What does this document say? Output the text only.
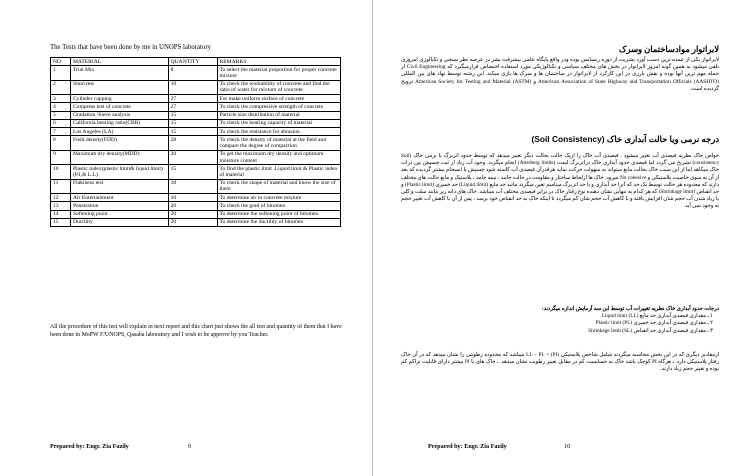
The Tests that have been done by me in UNOPS laboratory
NO	MATERIAL	QUANTITY	REMARKS
1	Trial Mix	8	To select the material proportion for proper concrete mixture
2	Slum test	10	To check the workability of concrete and find the ratio of water for mixture of concrete
3	Cylinder capping	27	For make uniform surface of concrete
4	Compress test of concrete	27	To check the compressive strength of concrete
5	Gradation /Sieve analysis	15	Particle size distribution of material
6	California bearing ratio(CBR)	15	To check the bearing capacity of material
7	Los Angeles (LA)	15	To check the resistance for abrasion
8	Field density(FDD)	28	To check the density of material at the field and compare the degree of compaction
9	Maximum dry density(MDD)	20	To get the maximum dry density and optimum moisture content
10	Plastic index(plastic limit& liquid limit)(P.I,& L.L)	15	To find the plastic limit ,Liquid limit & Plastic index of material
11	Flakiness test	18	To check the shape of material and know the size of them
12	Air Entertainment	10	To determine air in concrete mixture
13	Penetration	20	To check the grad of bitumen
14	Softening point	20	To determine the softening point of bitumen
15	Ductility	20	To determine the ductility of bitumen

All the procedure of this test will explain in next report and this chart just shows the all test and quantity of them that I have been done in MoPW F/UNOPS, Qasaba laboratory and I wish to be approve by you Teacher.

Prepared by: Engr. Zia Fazily	9
لابراتوار موادساختمان وسرک

لابراتوار یکی از عمده ترین دست آورد بشریت از دوره رنسانس بوده ودر واقع پایگاه علمی پیشرفت بشر در عرصه نظر سنجی و تکنالوژی امروزی تلقی میشود به همین گونه امروز لابراتوار در بخش های مختلف سیاسی و تکنالوژیکی مورد استفاده اختصاص قرارمیگیرد که Civil Engineering از جمله مهم ترین آنها بوده و نقش بارزی در این کارکرد از لابراتوار در ساختمان ها و سرک ها بازی میکند. این رشته توسط نهاد های بین المللی (AASHTO) American Association of State Highway and Transportation Officials و (ASTM) American Society for Testing and Material ترویج گردیده است.

درجه نرمی ویا حالت آبداری خاک (Soil Consistency)

خواص خاک نظریه فیصدی آب تغییر میشود . فیصدی آب خاک را ازیک حالت بحالت دیگر تغییر میدهد که توسط حدود اتربرگ یا نرمی خاک (Soil consistency) تشریح می گردد اما فیصدی حدود آبداری خاک دراتربرگ لیمت (Atterberg limits) انجام میگردد. وجود آب زیاد از ثبت چسپش بین ذرات خاک میکاهد اما از این سبب خاک بحالت مایع میتواند به سهولت حرکت نماید هرقدرآن فیصدی آب کاسته شود چسپش یا انسجام بیشتر گردیده که بعد از آن به سوی خاصیت پلاستیکی و No cohesive میرود. خاک ها ازلحاظ ساختار و مقاومت در حالت جامد ، نیمه جامد ، پلاستیک و مایع حالت های مختلف دارند که محدوده هر حالت توسط یک حد که آنرا حد آبداری و یا حد اتربرگ مینامیم تعین میگردد مانند حد مایع (Liquid limit) حد خمیری (Plastic limit) و حد انقباض (Shrinkage limit) که هر کدام به تنهایی نشان دهنده نوع رفتار خاک در برابر فیصدی مختلف آب میباشد. خاک های دانه ریز مانند سلت و کلی با زیاد شدن آب حجم شان افزایش یافته و با کاهش آب حجم شان کم میگردد تا اینکه خاک به حد انقباض خود برسد ، پس از آن با کاهش آب تغییر حجم به وجود نمی آید.

درجات حدود آبداری خاک نظریه تغییرات آب توسط ابن سه آزمایش اندازه میگردند:
۱ ـ مقداری فیصدی آبداری حد مایع (LL) Liquid limit
۲ ـ مقداری فیصدی آبداری حد خمیری (PL) Plastic limit
۳ ـ مقداری فیصدی آبداری حد انقباض (SL) Shrinkage limit

ازمقادیر دیگری که در این بخش محاسبه میگردند شامل شاخص پلاستیکی (PI) = LL − PL میباشد که محدوده رطوبتی را نشان میدهد که در آن خاک رفتار پلاستیکی دارد. ـ هرگاه PI کوچک باشد خاک به حساسیت کم در مقابل تغییر رطوبت نشان میدهد. ـ خاک های با PI بیشتر دارای قابلیت تراکم کم بوده و تغییر حجم زیاد دارند.

Prepared by: Engr. Zia Fazily	10
